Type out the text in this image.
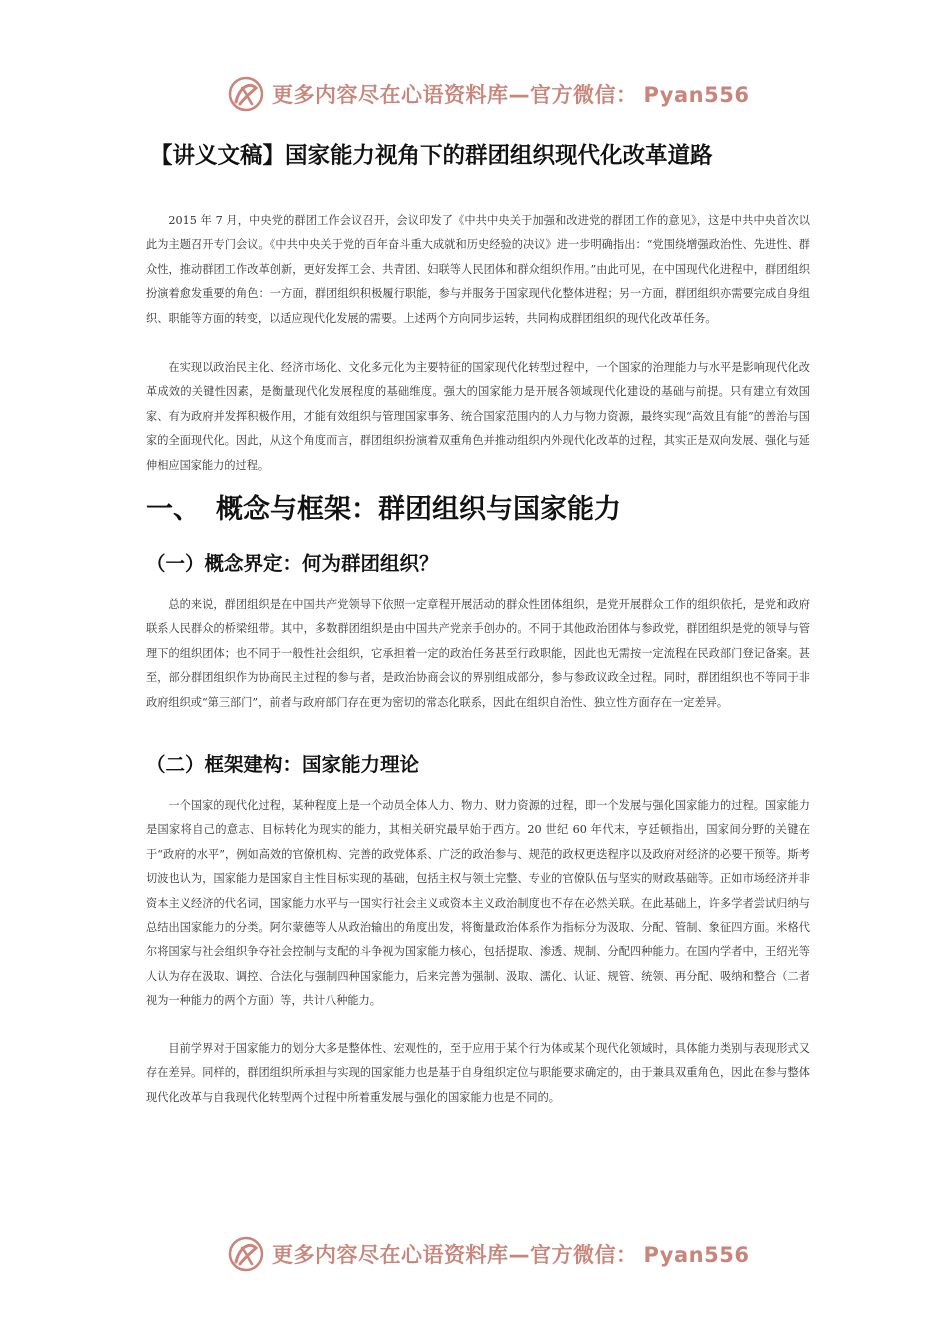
更多内容尽在心语资料库—官方微信： Pyan556
【讲义文稿】国家能力视角下的群团组织现代化改革道路

2015 年 7 月，中央党的群团工作会议召开，会议印发了《中共中央关于加强和改进党的群团工作的意见》，这是中共中央首次以此为主题召开专门会议。《中共中央关于党的百年奋斗重大成就和历史经验的决议》进一步明确指出：“党围绕增强政治性、先进性、群众性，推动群团工作改革创新，更好发挥工会、共青团、妇联等人民团体和群众组织作用。”由此可见，在中国现代化进程中，群团组织扮演着愈发重要的角色：一方面，群团组织积极履行职能，参与并服务于国家现代化整体进程；另一方面，群团组织亦需要完成自身组织、职能等方面的转变，以适应现代化发展的需要。上述两个方向同步运转，共同构成群团组织的现代化改革任务。

在实现以政治民主化、经济市场化、文化多元化为主要特征的国家现代化转型过程中，一个国家的治理能力与水平是影响现代化改革成效的关键性因素，是衡量现代化发展程度的基础维度。强大的国家能力是开展各领域现代化建设的基础与前提。只有建立有效国家、有为政府并发挥积极作用，才能有效组织与管理国家事务、统合国家范围内的人力与物力资源，最终实现“高效且有能”的善治与国家的全面现代化。因此，从这个角度而言，群团组织扮演着双重角色并推动组织内外现代化改革的过程，其实正是双向发展、强化与延伸相应国家能力的过程。

一、 概念与框架：群团组织与国家能力
（一）概念界定：何为群团组织？

总的来说，群团组织是在中国共产党领导下依照一定章程开展活动的群众性团体组织，是党开展群众工作的组织依托，是党和政府联系人民群众的桥梁纽带。其中，多数群团组织是由中国共产党亲手创办的。不同于其他政治团体与参政党，群团组织是党的领导与管理下的组织团体；也不同于一般性社会组织，它承担着一定的政治任务甚至行政职能，因此也无需按一定流程在民政部门登记备案。甚至，部分群团组织作为协商民主过程的参与者，是政治协商会议的界别组成部分，参与参政议政全过程。同时，群团组织也不等同于非政府组织或“第三部门”，前者与政府部门存在更为密切的常态化联系，因此在组织自治性、独立性方面存在一定差异。

（二）框架建构：国家能力理论

一个国家的现代化过程，某种程度上是一个动员全体人力、物力、财力资源的过程，即一个发展与强化国家能力的过程。国家能力是国家将自己的意志、目标转化为现实的能力，其相关研究最早始于西方。20 世纪 60 年代末，亨廷顿指出，国家间分野的关键在于“政府的水平”，例如高效的官僚机构、完善的政党体系、广泛的政治参与、规范的政权更迭程序以及政府对经济的必要干预等。斯考切波也认为，国家能力是国家自主性目标实现的基础，包括主权与领土完整、专业的官僚队伍与坚实的财政基础等。正如市场经济并非资本主义经济的代名词，国家能力水平与一国实行社会主义或资本主义政治制度也不存在必然关联。在此基础上，许多学者尝试归纳与总结出国家能力的分类。阿尔蒙德等人从政治输出的角度出发，将衡量政治体系作为指标分为汲取、分配、管制、象征四方面。米格代尔将国家与社会组织争夺社会控制与支配的斗争视为国家能力核心，包括提取、渗透、规制、分配四种能力。在国内学者中，王绍光等人认为存在汲取、调控、合法化与强制四种国家能力，后来完善为强制、汲取、濡化、认证、规管、统领、再分配、吸纳和整合（二者视为一种能力的两个方面）等，共计八种能力。

目前学界对于国家能力的划分大多是整体性、宏观性的，至于应用于某个行为体或某个现代化领域时，具体能力类别与表现形式又存在差异。同样的，群团组织所承担与实现的国家能力也是基于自身组织定位与职能要求确定的，由于兼具双重角色，因此在参与整体现代化改革与自我现代化转型两个过程中所着重发展与强化的国家能力也是不同的。

更多内容尽在心语资料库—官方微信： Pyan556
